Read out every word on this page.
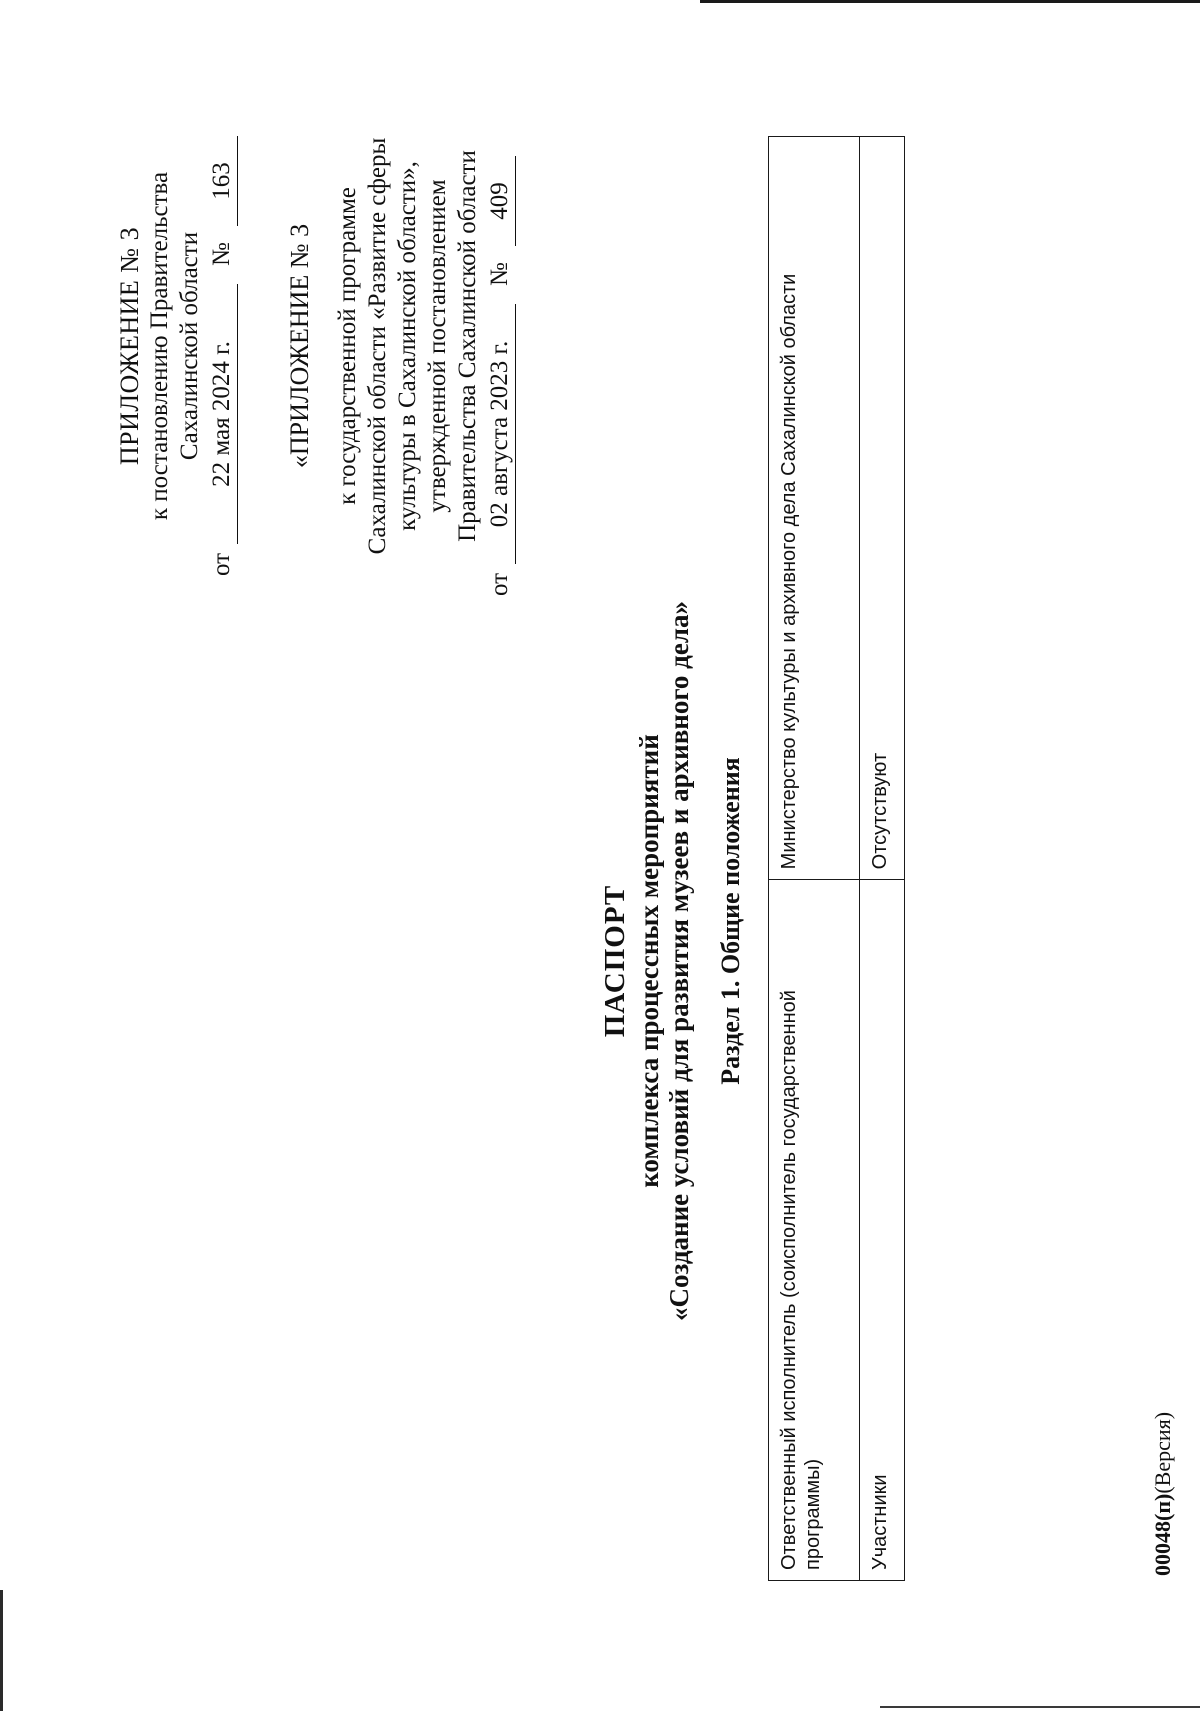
ПРИЛОЖЕНИЕ № 3 к постановлению Правительства Сахалинской области
от
22 мая 2024 г.
№
163
«ПРИЛОЖЕНИЕ № 3 к государственной программе Сахалинской области «Развитие сферы культуры в Сахалинской области», утвержденной постановлением Правительства Сахалинской области
от
02 августа 2023 г.
№
409
ПАСПОРТ комплекса процессных мероприятий «Создание условий для развития музеев и архивного дела» Раздел 1. Общие положения
Ответственный исполнитель (соисполнитель государственной программы)	Министерство культуры и архивного дела Сахалинской области
Участники	Отсутствуют
00048(п)(Версия)
